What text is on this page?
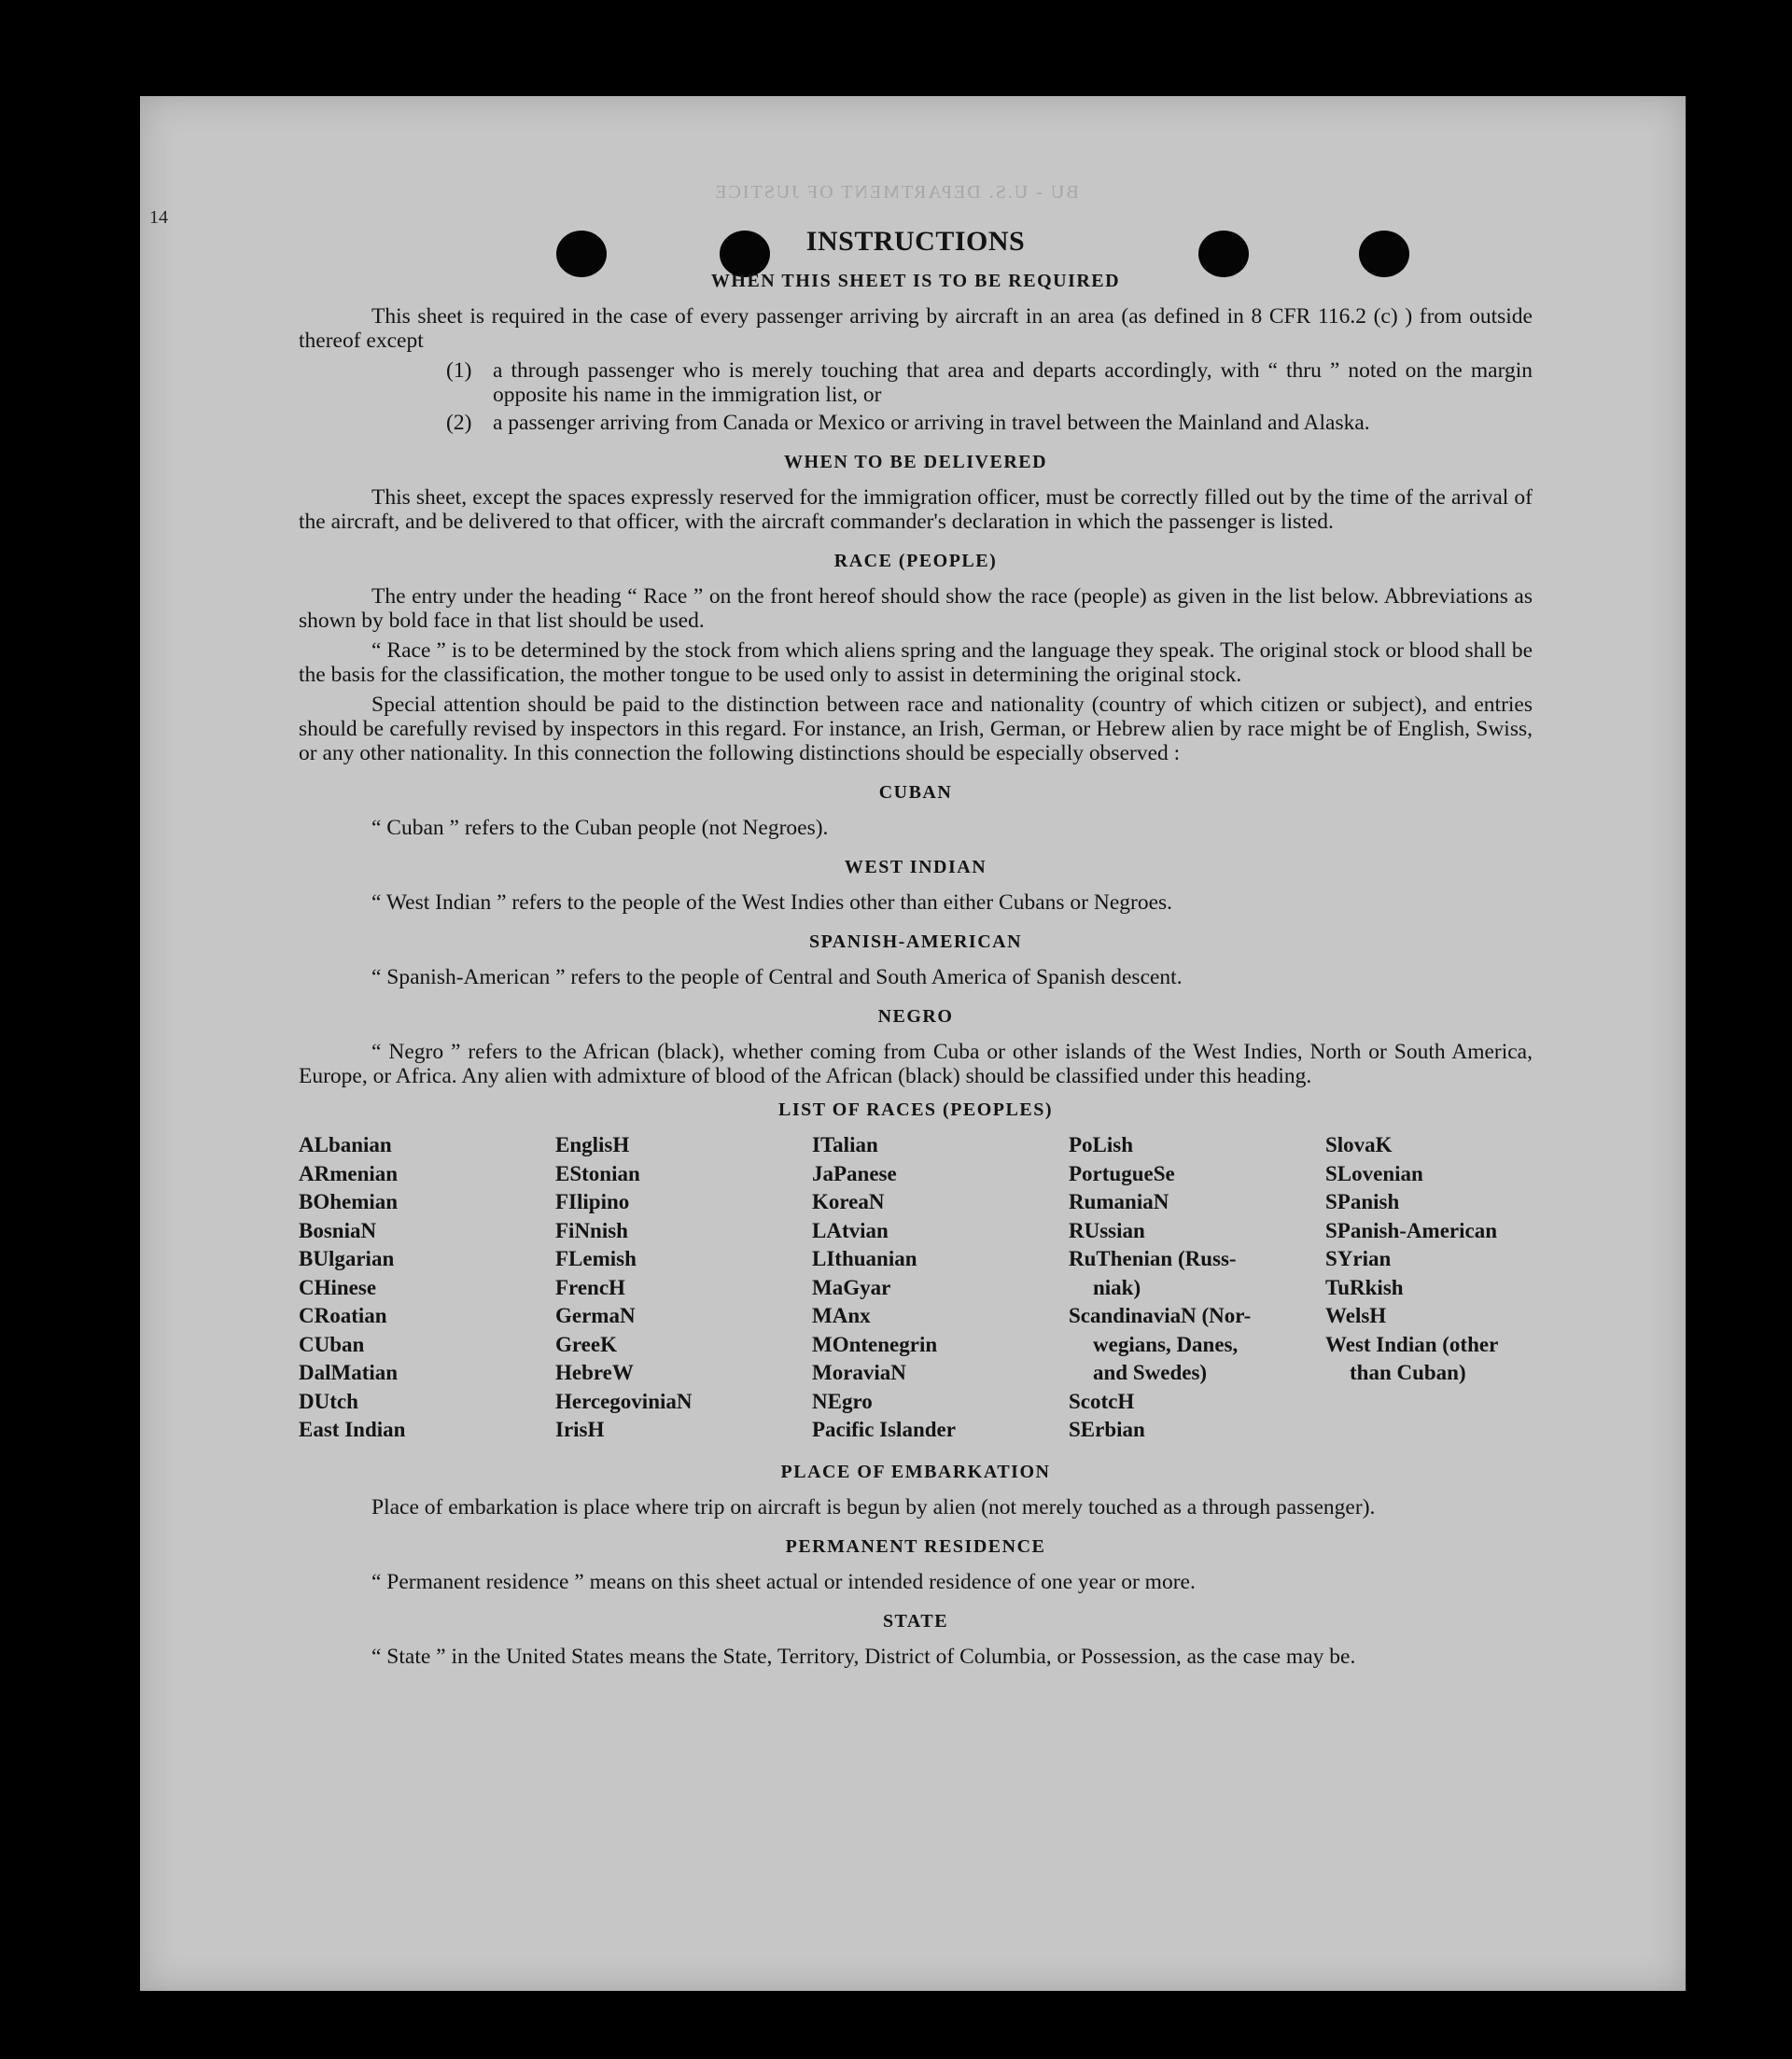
14
BU - U.S. DEPARTMENT OF JUSTICE
INSTRUCTIONS
WHEN THIS SHEET IS TO BE REQUIRED

This sheet is required in the case of every passenger arriving by aircraft in an area (as defined in 8 CFR 116.2 (c) ) from outside thereof except

(1) a through passenger who is merely touching that area and departs accordingly, with “ thru ” noted on the margin opposite his name in the immigration list, or
(2) a passenger arriving from Canada or Mexico or arriving in travel between the Mainland and Alaska.
WHEN TO BE DELIVERED

This sheet, except the spaces expressly reserved for the immigration officer, must be correctly filled out by the time of the arrival of the aircraft, and be delivered to that officer, with the aircraft commander's declaration in which the passenger is listed.

RACE (PEOPLE)

The entry under the heading “ Race ” on the front hereof should show the race (people) as given in the list below. Abbreviations as shown by bold face in that list should be used.

“ Race ” is to be determined by the stock from which aliens spring and the language they speak. The original stock or blood shall be the basis for the classification, the mother tongue to be used only to assist in determining the original stock.

Special attention should be paid to the distinction between race and nationality (country of which citizen or subject), and entries should be carefully revised by inspectors in this regard. For instance, an Irish, German, or Hebrew alien by race might be of English, Swiss, or any other nationality. In this connection the following distinctions should be especially observed :

CUBAN

“ Cuban ” refers to the Cuban people (not Negroes).

WEST INDIAN

“ West Indian ” refers to the people of the West Indies other than either Cubans or Negroes.

SPANISH-AMERICAN

“ Spanish-American ” refers to the people of Central and South America of Spanish descent.

NEGRO

“ Negro ” refers to the African (black), whether coming from Cuba or other islands of the West Indies, North or South America, Europe, or Africa. Any alien with admixture of blood of the African (black) should be classified under this heading.

LIST OF RACES (PEOPLES)
ALbanian
ARmenian
BOhemian
BosniaN
BUlgarian
CHinese
CRoatian
CUban
DalMatian
DUtch
East Indian
EnglisH
EStonian
FIlipino
FiNnish
FLemish
FrencH
GermaN
GreeK
HebreW
HercegoviniaN
IrisH
ITalian
JaPanese
KoreaN
LAtvian
LIthuanian
MaGyar
MAnx
MOntenegrin
MoraviaN
NEgro
Pacific Islander
PoLish
PortugueSe
RumaniaN
RUssian
RuThenian (Russ-
niak)
ScandinaviaN (Nor-
wegians, Danes,
and Swedes)
ScotcH
SErbian
SlovaK
SLovenian
SPanish
SPanish-American
SYrian
TuRkish
WelsH
West Indian (other
than Cuban)
PLACE OF EMBARKATION

Place of embarkation is place where trip on aircraft is begun by alien (not merely touched as a through passenger).

PERMANENT RESIDENCE

“ Permanent residence ” means on this sheet actual or intended residence of one year or more.

STATE

“ State ” in the United States means the State, Territory, District of Columbia, or Possession, as the case may be.
